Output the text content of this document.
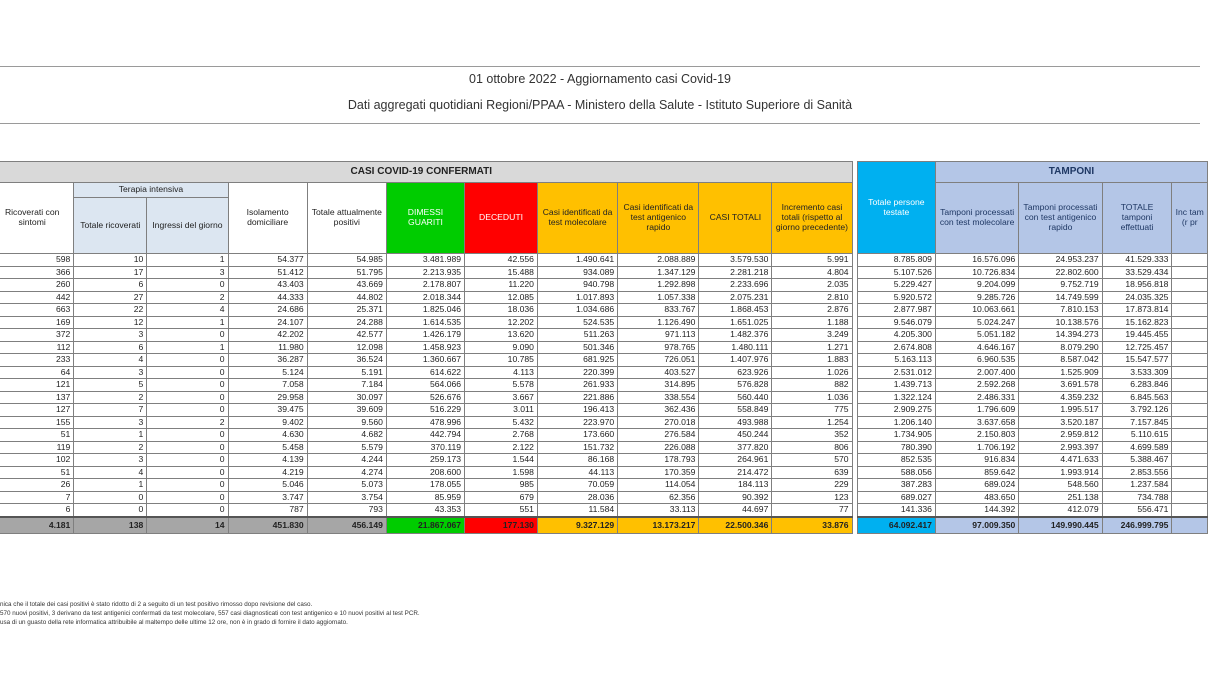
01 ottobre 2022 - Aggiornamento casi Covid-19
Dati aggregati quotidiani Regioni/PPAA - Ministero della Salute - Istituto Superiore di Sanità
CASI COVID-19 CONFERMATI												Totale persone testate	TAMPONI			
Ricoverati con sintomi	Terapia intensiva		Isolamento domiciliare	Totale attualmente positivi	DIMESSI GUARITI	DECEDUTI	Casi identificati da test molecolare	Casi identificati da test antigenico rapido	CASI TOTALI	Incremento casi totali (rispetto al giorno precedente)			Tamponi processati con test molecolare	Tamponi processati con test antigenico rapido	TOTALE tamponi effettuati	Inc tam (r pr
	Totale ricoverati	Ingressi del giorno														
598	10	1	54.377	54.985	3.481.989	42.556	1.490.641	2.088.889	3.579.530	5.991		8.785.809	16.576.096	24.953.237	41.529.333	
366	17	3	51.412	51.795	2.213.935	15.488	934.089	1.347.129	2.281.218	4.804		5.107.526	10.726.834	22.802.600	33.529.434	
260	6	0	43.403	43.669	2.178.807	11.220	940.798	1.292.898	2.233.696	2.035		5.229.427	9.204.099	9.752.719	18.956.818	
442	27	2	44.333	44.802	2.018.344	12.085	1.017.893	1.057.338	2.075.231	2.810		5.920.572	9.285.726	14.749.599	24.035.325	
663	22	4	24.686	25.371	1.825.046	18.036	1.034.686	833.767	1.868.453	2.876		2.877.987	10.063.661	7.810.153	17.873.814	
169	12	1	24.107	24.288	1.614.535	12.202	524.535	1.126.490	1.651.025	1.188		9.546.079	5.024.247	10.138.576	15.162.823	
372	3	0	42.202	42.577	1.426.179	13.620	511.263	971.113	1.482.376	3.249		4.205.300	5.051.182	14.394.273	19.445.455	
112	6	1	11.980	12.098	1.458.923	9.090	501.346	978.765	1.480.111	1.271		2.674.808	4.646.167	8.079.290	12.725.457	
233	4	0	36.287	36.524	1.360.667	10.785	681.925	726.051	1.407.976	1.883		5.163.113	6.960.535	8.587.042	15.547.577	
64	3	0	5.124	5.191	614.622	4.113	220.399	403.527	623.926	1.026		2.531.012	2.007.400	1.525.909	3.533.309	
121	5	0	7.058	7.184	564.066	5.578	261.933	314.895	576.828	882		1.439.713	2.592.268	3.691.578	6.283.846	
137	2	0	29.958	30.097	526.676	3.667	221.886	338.554	560.440	1.036		1.322.124	2.486.331	4.359.232	6.845.563	
127	7	0	39.475	39.609	516.229	3.011	196.413	362.436	558.849	775		2.909.275	1.796.609	1.995.517	3.792.126	
155	3	2	9.402	9.560	478.996	5.432	223.970	270.018	493.988	1.254		1.206.140	3.637.658	3.520.187	7.157.845	
51	1	0	4.630	4.682	442.794	2.768	173.660	276.584	450.244	352		1.734.905	2.150.803	2.959.812	5.110.615	
119	2	0	5.458	5.579	370.119	2.122	151.732	226.088	377.820	806		780.390	1.706.192	2.993.397	4.699.589	
102	3	0	4.139	4.244	259.173	1.544	86.168	178.793	264.961	570		852.535	916.834	4.471.633	5.388.467	
51	4	0	4.219	4.274	208.600	1.598	44.113	170.359	214.472	639		588.056	859.642	1.993.914	2.853.556	
26	1	0	5.046	5.073	178.055	985	70.059	114.054	184.113	229		387.283	689.024	548.560	1.237.584	
7	0	0	3.747	3.754	85.959	679	28.036	62.356	90.392	123		689.027	483.650	251.138	734.788	
6	0	0	787	793	43.353	551	11.584	33.113	44.697	77		141.336	144.392	412.079	556.471	
4.181	138	14	451.830	456.149	21.867.067	177.130	9.327.129	13.173.217	22.500.346	33.876		64.092.417	97.009.350	149.990.445	246.999.795	
nica che il totale dei casi positivi è stato ridotto di 2 a seguito di un test positivo rimosso dopo revisione del caso.
570 nuovi positivi, 3 derivano da test antigenici confermati da test molecolare, 557 casi diagnosticati con test antigenico e 10 nuovi positivi al test PCR.
usa di un guasto della rete informatica attribuibile al maltempo delle ultime 12 ore, non è in grado di fornire il dato aggiornato.
